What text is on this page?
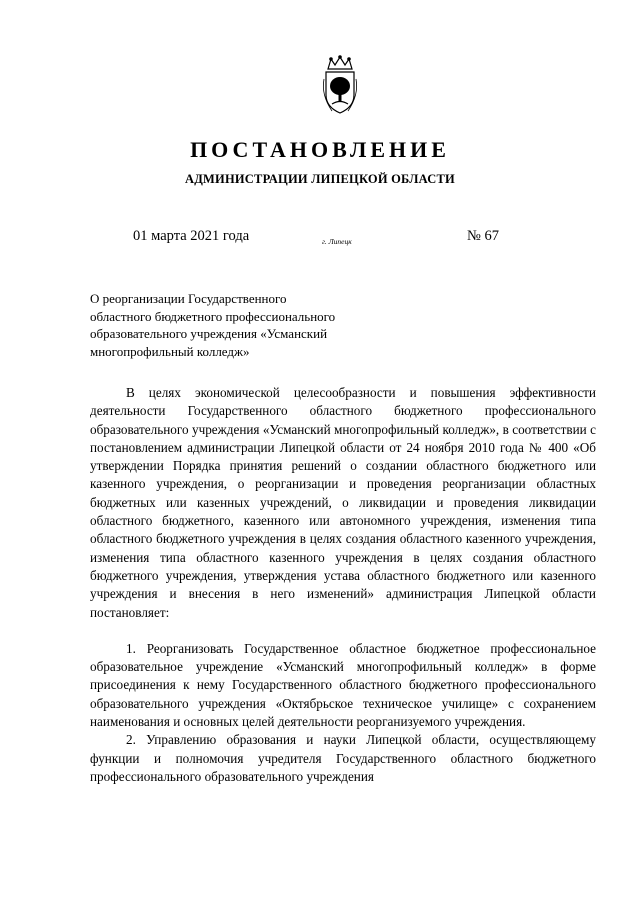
ПОСТАНОВЛЕНИЕ
АДМИНИСТРАЦИИ ЛИПЕЦКОЙ ОБЛАСТИ
01 марта 2021 года	г. Липецк	№ 67
О реорганизации Государственного
областного бюджетного профессионального
образовательного учреждения «Усманский
многопрофильный колледж»

В целях экономической целесообразности и повышения эффективности деятельности Государственного областного бюджетного профессионального образовательного учреждения «Усманский многопрофильный колледж», в соответствии с постановлением администрации Липецкой области от 24 ноября 2010 года № 400 «Об утверждении Порядка принятия решений о создании областного бюджетного или казенного учреждения, о реорганизации и проведения реорганизации областных бюджетных или казенных учреждений, о ликвидации и проведения ликвидации областного бюджетного, казенного или автономного учреждения, изменения типа областного бюджетного учреждения в целях создания областного казенного учреждения, изменения типа областного казенного учреждения в целях создания областного бюджетного учреждения, утверждения устава областного бюджетного или казенного учреждения и внесения в него изменений» администрация Липецкой области постановляет:

1. Реорганизовать Государственное областное бюджетное профессиональное образовательное учреждение «Усманский многопрофильный колледж» в форме присоединения к нему Государственного областного бюджетного профессионального образовательного учреждения «Октябрьское техническое училище» с сохранением наименования и основных целей деятельности реорганизуемого учреждения.

2. Управлению образования и науки Липецкой области, осуществляющему функции и полномочия учредителя Государственного областного бюджетного профессионального образовательного учреждения
